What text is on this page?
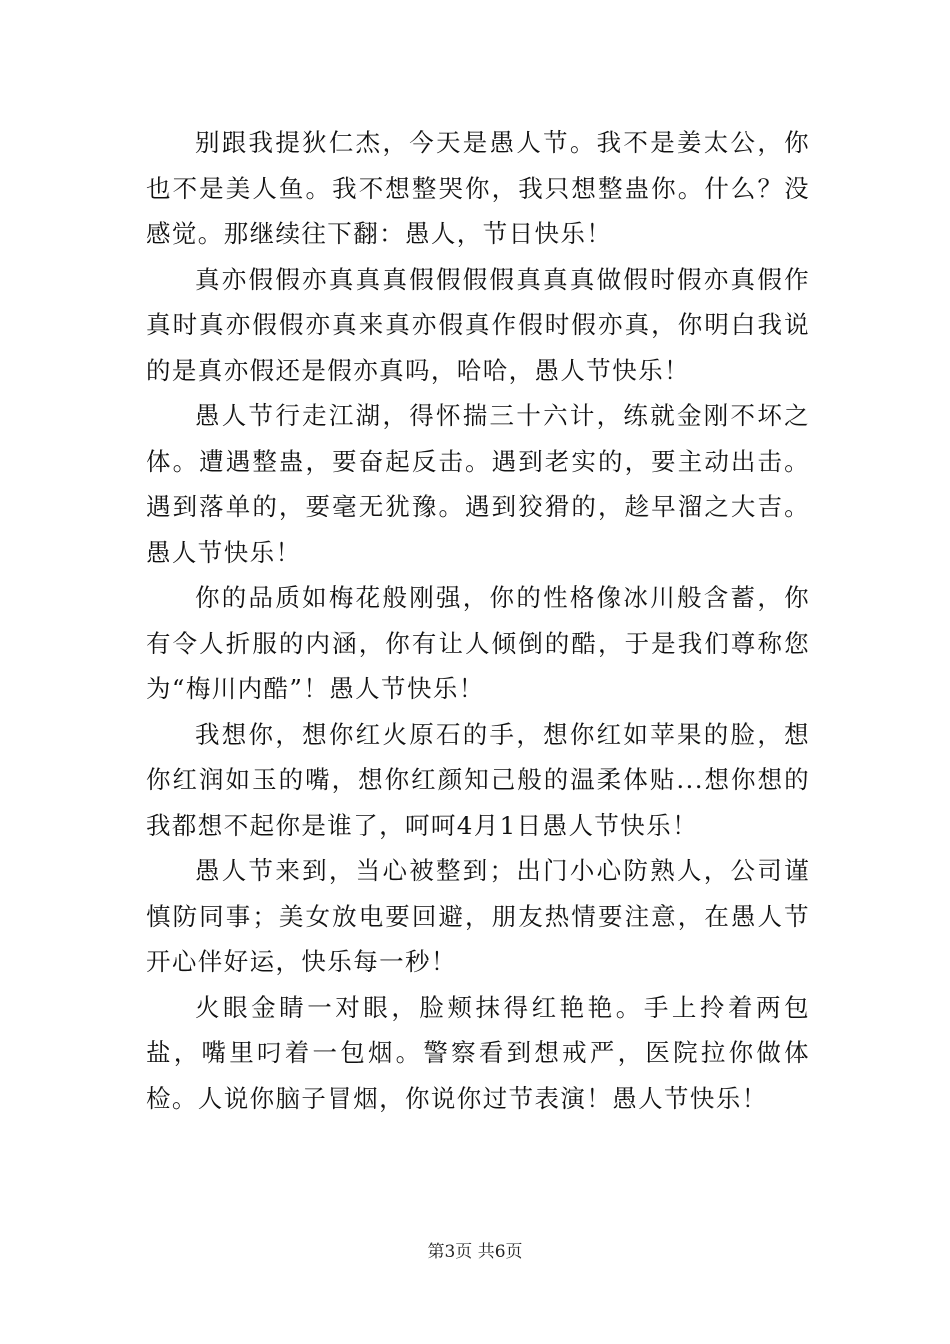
别跟我提狄仁杰，今天是愚人节。我不是姜太公，你也不是美人鱼。我不想整哭你，我只想整蛊你。什么？没感觉。那继续往下翻：愚人，节日快乐！

真亦假假亦真真真假假假假真真真做假时假亦真假作真时真亦假假亦真来真亦假真作假时假亦真，你明白我说的是真亦假还是假亦真吗，哈哈，愚人节快乐！

愚人节行走江湖，得怀揣三十六计，练就金刚不坏之体。遭遇整蛊，要奋起反击。遇到老实的，要主动出击。遇到落单的，要毫无犹豫。遇到狡猾的，趁早溜之大吉。愚人节快乐！

你的品质如梅花般刚强，你的性格像冰川般含蓄，你有令人折服的内涵，你有让人倾倒的酷，于是我们尊称您为“梅川内酷”！愚人节快乐！

我想你，想你红火原石的手，想你红如苹果的脸，想你红润如玉的嘴，想你红颜知己般的温柔体贴...想你想的我都想不起你是谁了，呵呵4月1日愚人节快乐！

愚人节来到，当心被整到；出门小心防熟人，公司谨慎防同事；美女放电要回避，朋友热情要注意，在愚人节开心伴好运，快乐每一秒！

火眼金睛一对眼，脸颊抹得红艳艳。手上拎着两包盐，嘴里叼着一包烟。警察看到想戒严，医院拉你做体检。人说你脑子冒烟，你说你过节表演！愚人节快乐！

第3页 共6页
